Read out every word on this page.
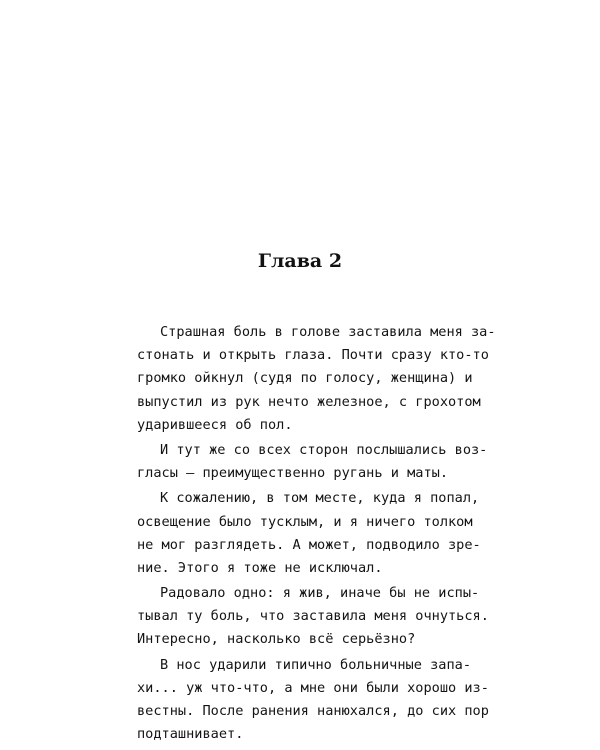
Глава 2

Страшная боль в голове заставила меня за-
стонать и открыть глаза. Почти сразу кто-то
громко ойкнул (судя по голосу, женщина) и
выпустил из рук нечто железное, с грохотом
ударившееся об пол.

И тут же со всех сторон послышались воз-
гласы — преимущественно ругань и маты.

К сожалению, в том месте, куда я попал,
освещение было тусклым, и я ничего толком
не мог разглядеть. А может, подводило зре-
ние. Этого я тоже не исключал.

Радовало одно: я жив, иначе бы не испы-
тывал ту боль, что заставила меня очнуться.
Интересно, насколько всё серьёзно?

В нос ударили типично больничные запа-
хи... уж что-что, а мне они были хорошо из-
вестны. После ранения нанюхался, до сих пор
подташнивает.
